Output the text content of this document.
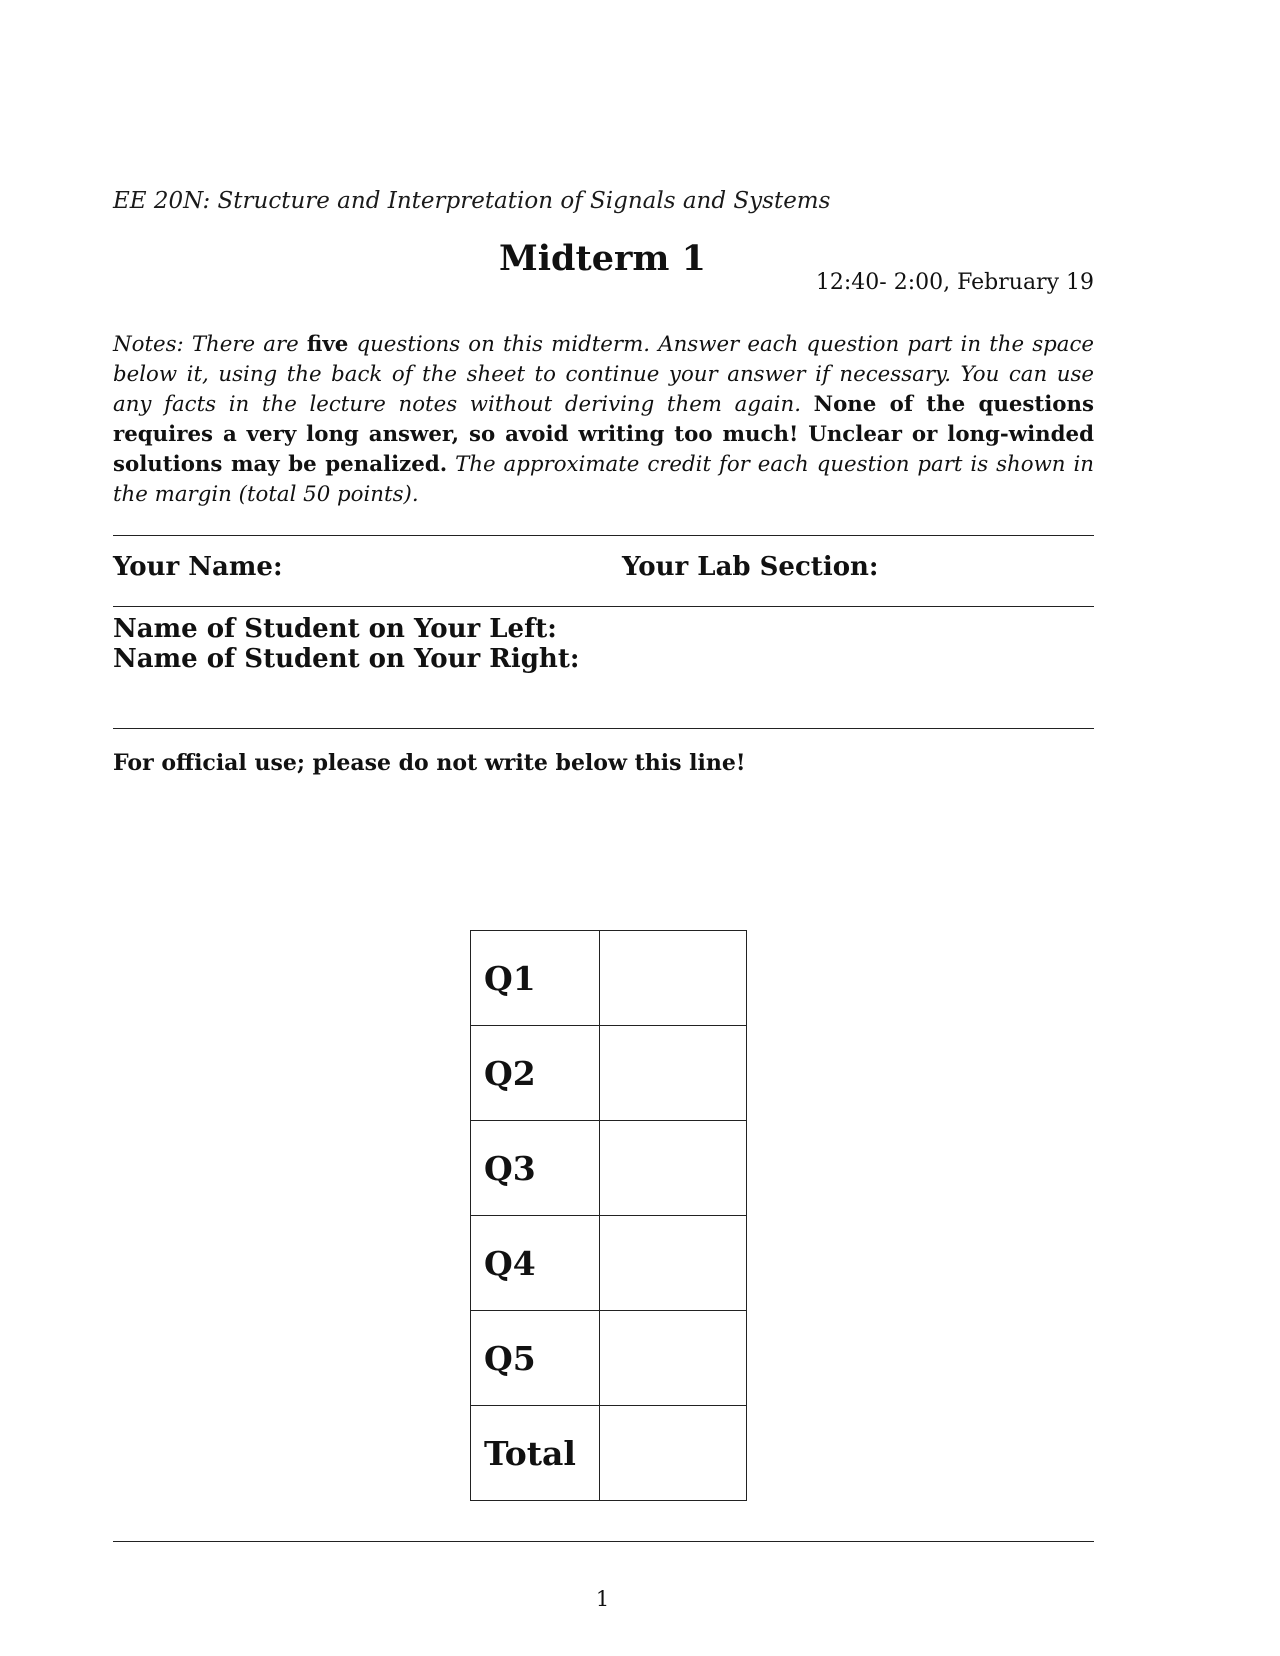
EE 20N: Structure and Interpretation of Signals and Systems
Midterm 1
12:40- 2:00, February 19
Notes: There are five questions on this midterm. Answer each question part in the space below it, using the back of the sheet to continue your answer if necessary. You can use any facts in the lecture notes without deriving them again. None of the questions requires a very long answer, so avoid writing too much! Unclear or long-winded solutions may be penalized. The approximate credit for each question part is shown in the margin (total 50 points).
Your Name:	Your Lab Section:
Name of Student on Your Left:
Name of Student on Your Right:
For official use; please do not write below this line!
Q1	
Q2	
Q3	
Q4	
Q5	
Total	
1
